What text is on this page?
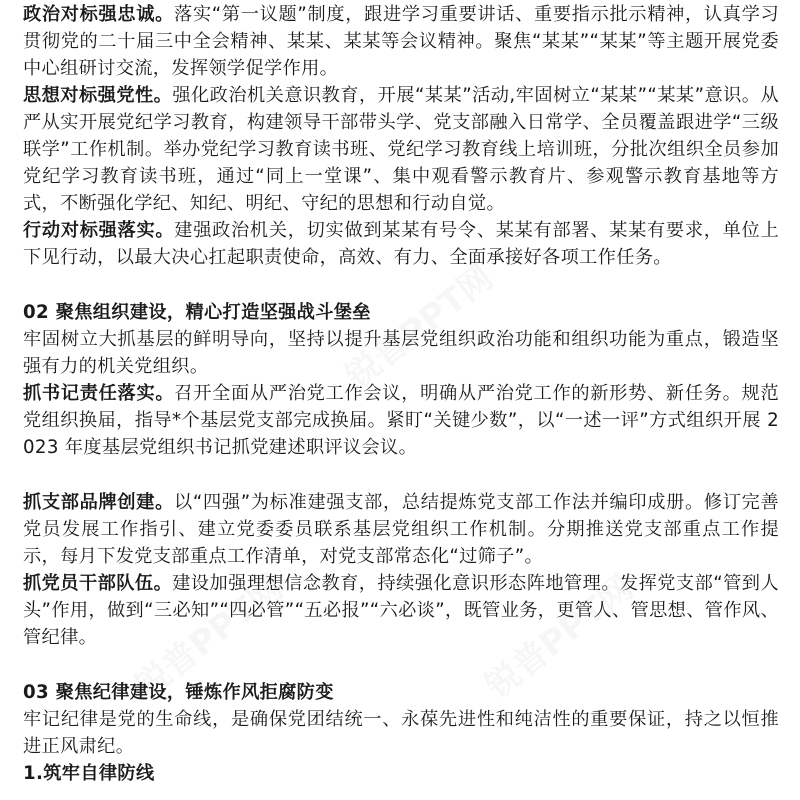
政治对标强忠诚。落实“第一议题”制度，跟进学习重要讲话、重要指示批示精神，认真学习贯彻党的二十届三中全会精神、某某、某某等会议精神。聚焦“某某”“某某”等主题开展党委中心组研讨交流，发挥领学促学作用。

思想对标强党性。强化政治机关意识教育，开展“某某”活动,牢固树立“某某”“某某”意识。从严从实开展党纪学习教育，构建领导干部带头学、党支部融入日常学、全员覆盖跟进学“三级联学”工作机制。举办党纪学习教育读书班、党纪学习教育线上培训班，分批次组织全员参加党纪学习教育读书班，通过“同上一堂课”、集中观看警示教育片、参观警示教育基地等方式，不断强化学纪、知纪、明纪、守纪的思想和行动自觉。

行动对标强落实。建强政治机关，切实做到某某有号令、某某有部署、某某有要求，单位上下见行动，以最大决心扛起职责使命，高效、有力、全面承接好各项工作任务。

02 聚焦组织建设，精心打造坚强战斗堡垒

牢固树立大抓基层的鲜明导向，坚持以提升基层党组织政治功能和组织功能为重点，锻造坚强有力的机关党组织。

抓书记责任落实。召开全面从严治党工作会议，明确从严治党工作的新形势、新任务。规范党组织换届，指导*个基层党支部完成换届。紧盯“关键少数”，以“一述一评”方式组织开展 2023 年度基层党组织书记抓党建述职评议会议。

抓支部品牌创建。以“四强”为标准建强支部，总结提炼党支部工作法并编印成册。修订完善党员发展工作指引、建立党委委员联系基层党组织工作机制。分期推送党支部重点工作提示，每月下发党支部重点工作清单，对党支部常态化“过筛子”。

抓党员干部队伍。建设加强理想信念教育，持续强化意识形态阵地管理。发挥党支部“管到人头”作用，做到“三必知”“四必管”“五必报”“六必谈”，既管业务，更管人、管思想、管作风、管纪律。

03 聚焦纪律建设，锤炼作风拒腐防变

牢记纪律是党的生命线，是确保党团结统一、永葆先进性和纯洁性的重要保证，持之以恒推进正风肃纪。

1.筑牢自律防线
